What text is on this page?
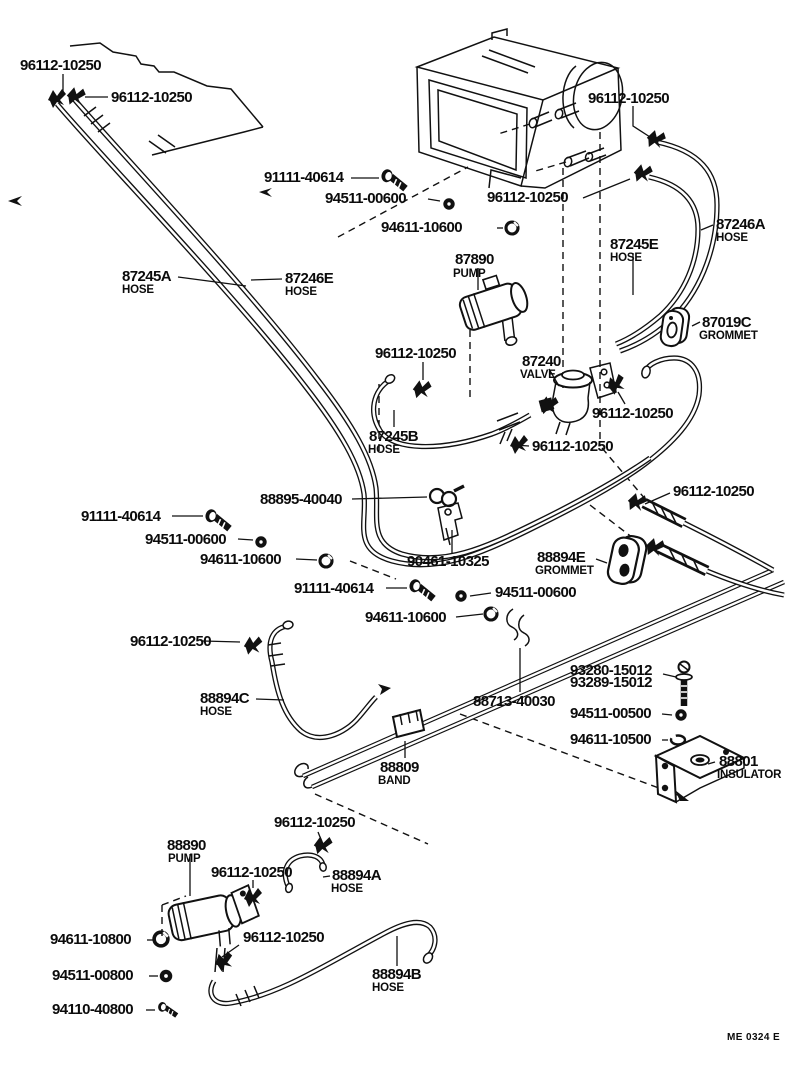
96112-10250
96112-10250	96112-10250
91111-40614
94511-00600
94611-10600
96112-10250
87890
PUMP
87245A
HOSE
87246E
HOSE
87245E
HOSE
87246A
HOSE
87019C
GROMMET
96112-10250	87240
VALVE
96112-10250
87245B
HOSE	96112-10250
88895-40040
91111-40614
94511-00600
94611-10600	90461-10325
91111-40614	94511-00600
94611-10600
88894E
GROMMET
96112-10250
96112-10250
88894C
HOSE
88713-40030
93280-15012
93289-15012
94511-00500
94611-10500
88801
INSULATOR
88809
BAND
88890
PUMP
96112-10250
96112-10250	88894A
HOSE
94611-10800	96112-10250
94511-00800
94110-40800
88894B
HOSE
ME 0324 E
